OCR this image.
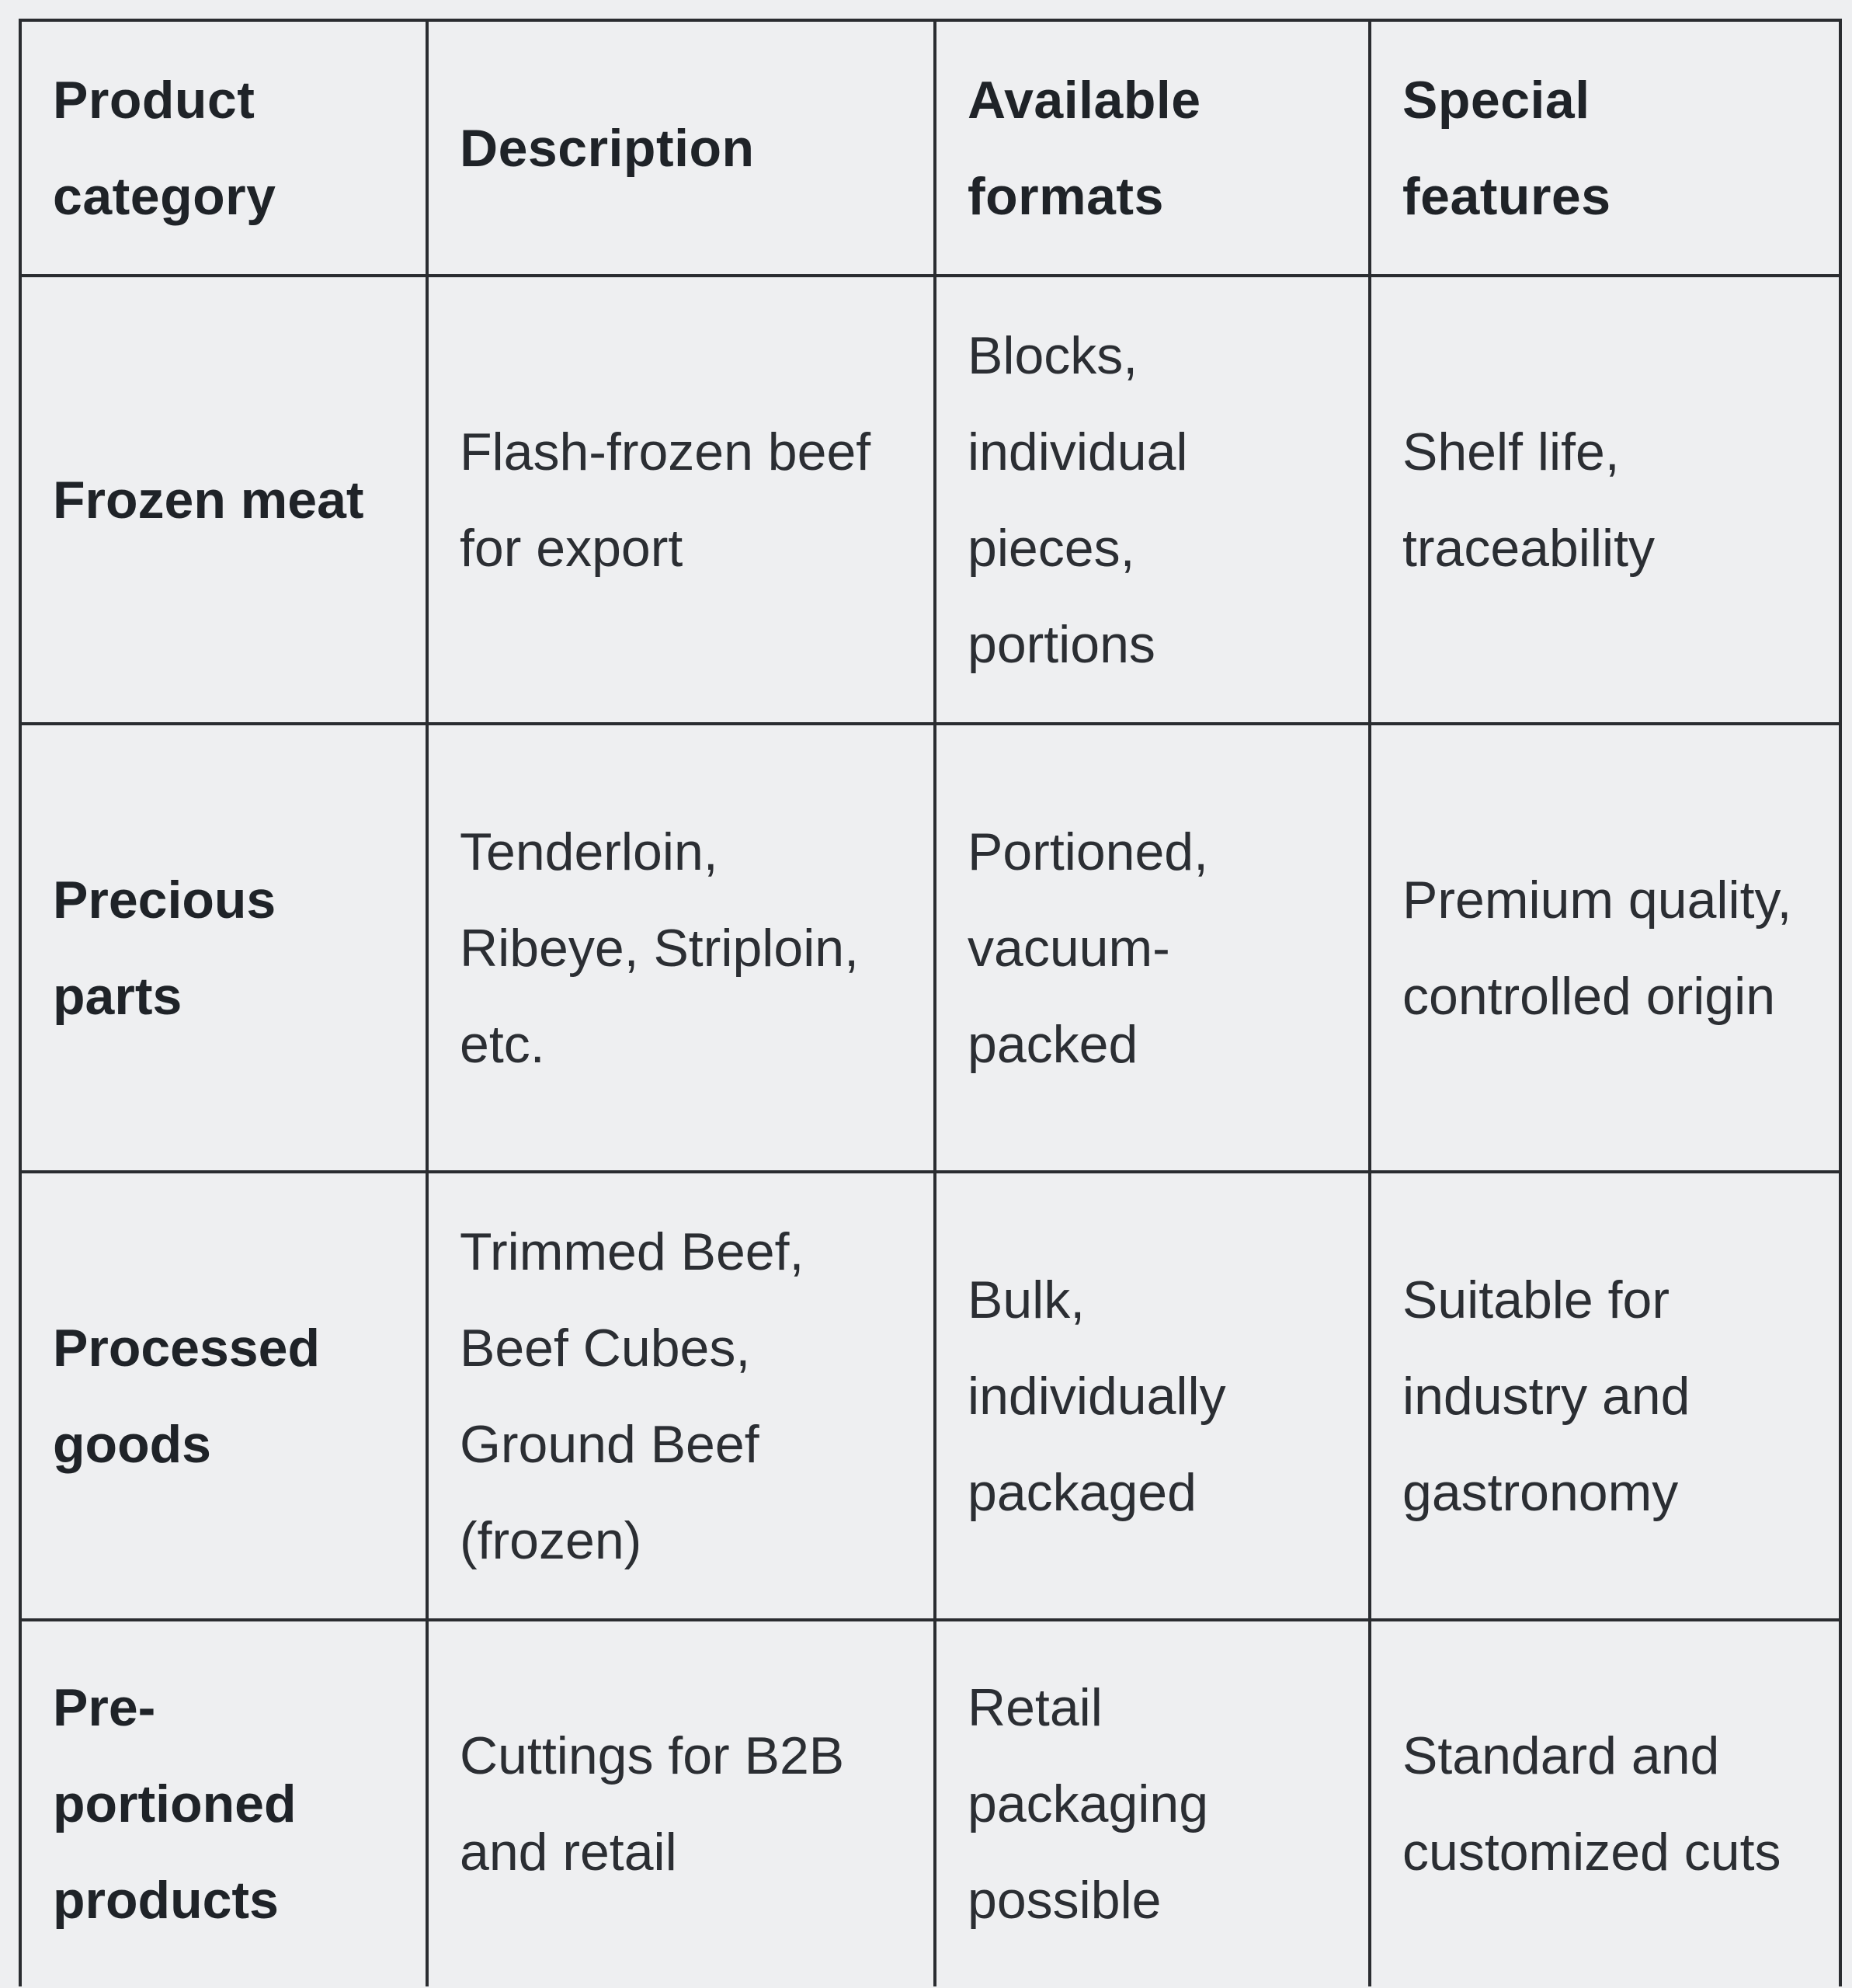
Product category	Description	Available formats	Special features
Frozen meat	Flash-frozen beef for export	Blocks, individual pieces, portions	Shelf life, traceability
Precious parts	Tenderloin, Ribeye, Striploin, etc.	Portioned, vacuum-packed	Premium quality, controlled origin
Processed goods	Trimmed Beef, Beef Cubes, Ground Beef (frozen)	Bulk, individually packaged	Suitable for industry and gastronomy
Pre-portioned products	Cuttings for B2B and retail	Retail packaging possible	Standard and customized cuts
